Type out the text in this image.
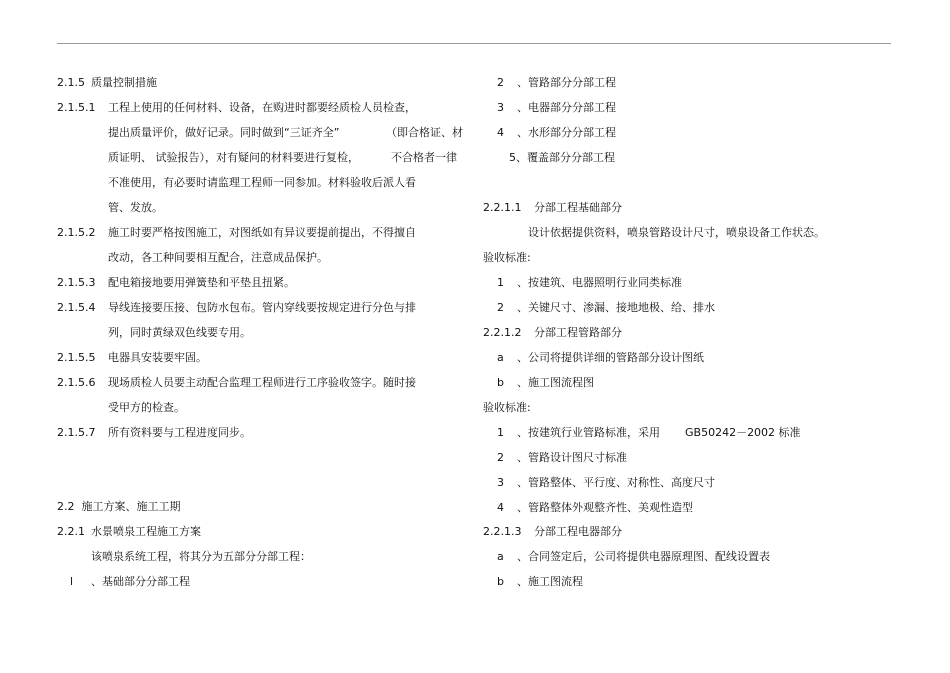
2.1.5 质量控制措施
2.1.5.1 工程上使用的任何材料、设备，在购进时都要经质检人员检查，
提出质量评价，做好记录。同时做到“三证齐全”	（即合格证、材
质证明、 试验报告），对有疑问的材料要进行复检，	不合格者一律
不准使用，有必要时请监理工程师一同参加。材料验收后派人看
管、发放。
2.1.5.2 施工时要严格按图施工，对图纸如有异议要提前提出，不得擅自
改动，各工种间要相互配合，注意成品保护。
2.1.5.3 配电箱接地要用弹簧垫和平垫且扭紧。
2.1.5.4 导线连接要压接、包防水包布。管内穿线要按规定进行分色与排
列，同时黄绿双色线要专用。
2.1.5.5 电器具安装要牢固。
2.1.5.6 现场质检人员要主动配合监理工程师进行工序验收签字。随时接
受甲方的检查。
2.1.5.7 所有资料要与工程进度同步。
2.2  施工方案、施工工期
2.2.1 水景喷泉工程施工方案
该喷泉系统工程，将其分为五部分分部工程：
l 、基础部分分部工程
2 、管路部分分部工程
3 、电器部分分部工程
4 、水形部分分部工程
5、覆盖部分分部工程
2.2.1.1 分部工程基础部分
设计依据提供资料，喷泉管路设计尺寸，喷泉设备工作状态。
验收标准:
1 、按建筑、电器照明行业同类标准
2 、关键尺寸、渗漏、接地地极、给、排水
2.2.1.2 分部工程管路部分
a 、公司将提供详细的管路部分设计图纸
b 、施工图流程图
验收标准:
1 、按建筑行业管路标准，采用 GB50242－2002 标准
2 、管路设计图尺寸标准
3 、管路整体、平行度、对称性、高度尺寸
4 、管路整体外观整齐性、美观性造型
2.2.1.3 分部工程电器部分
a 、合同签定后，公司将提供电器原理图、配线设置表
b 、施工图流程
